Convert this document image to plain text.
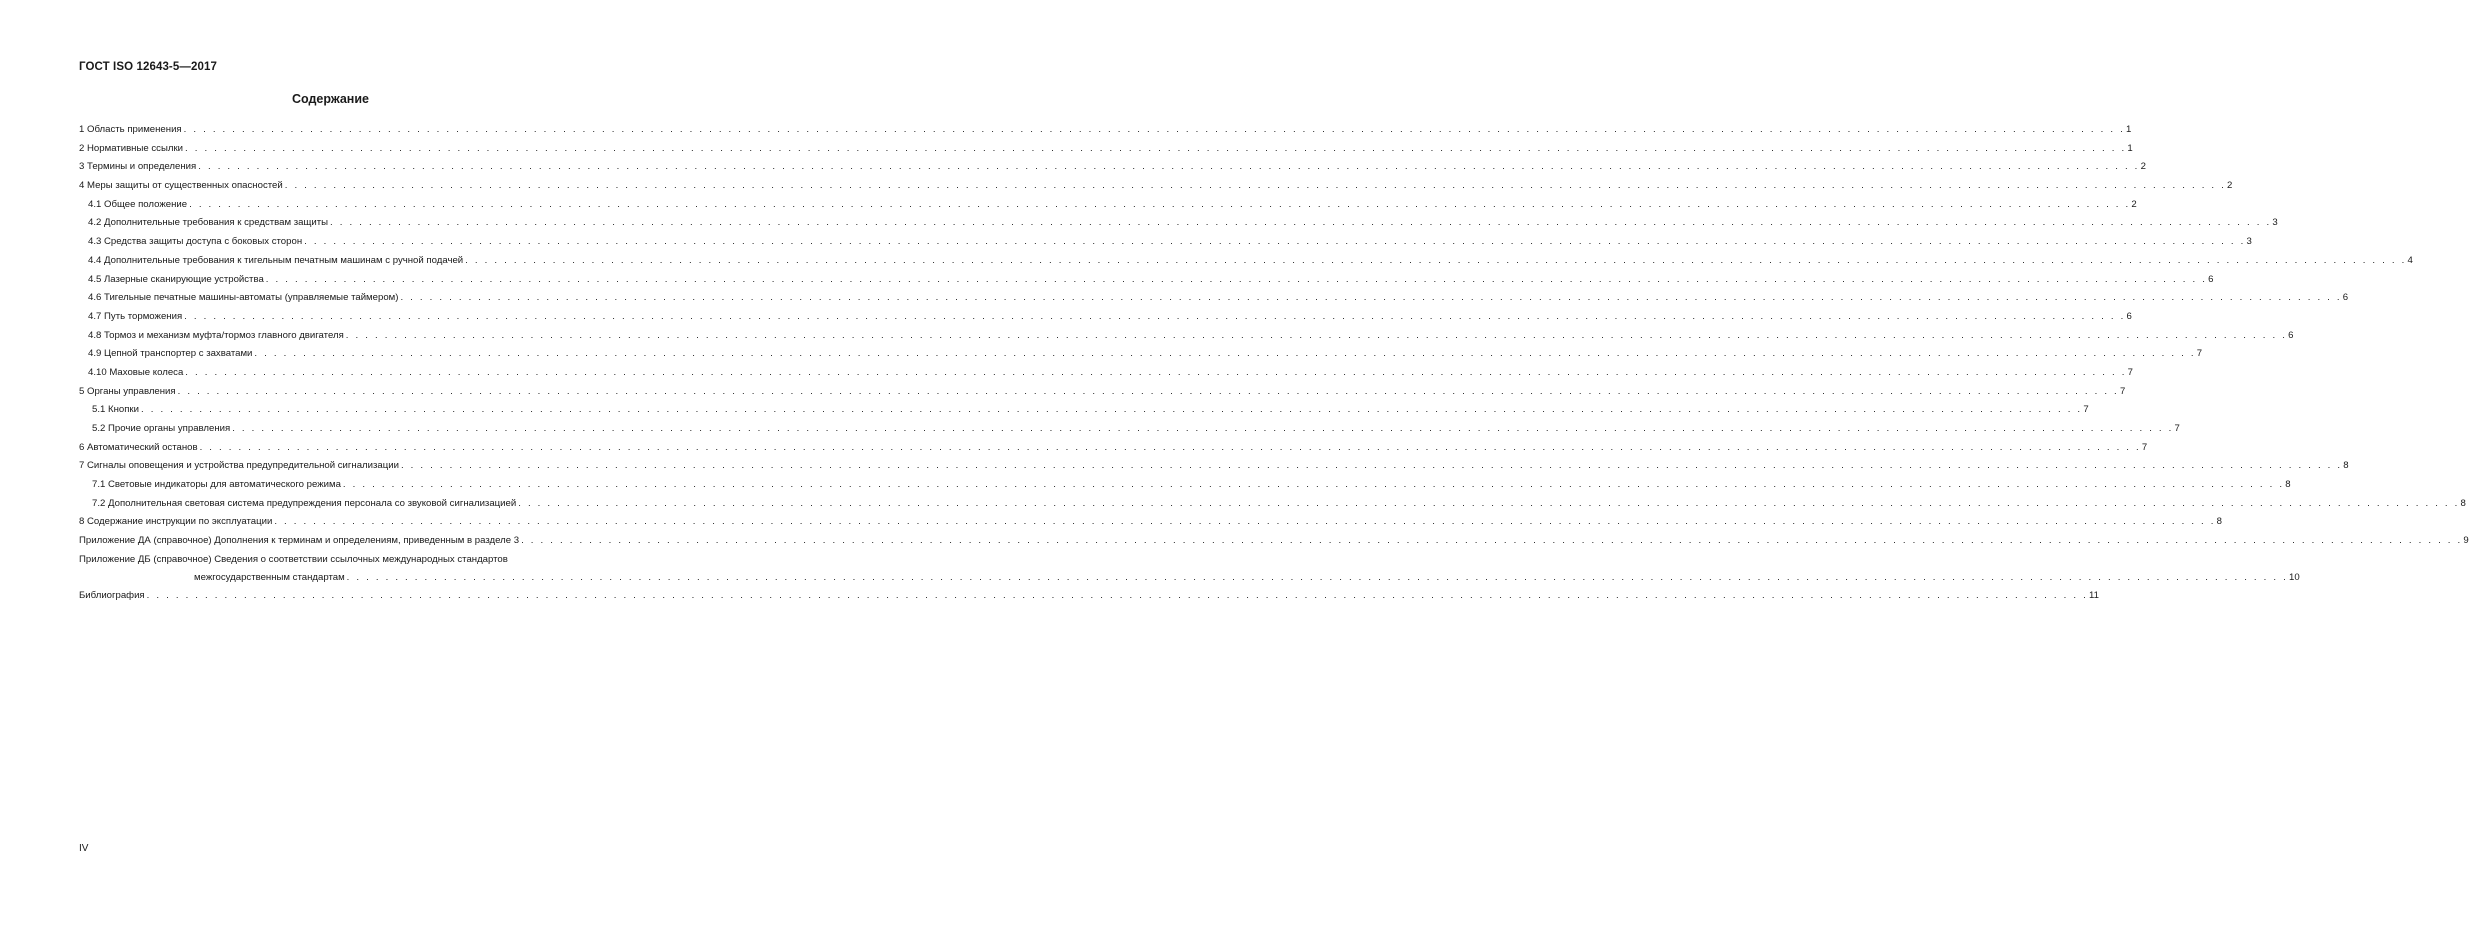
ГОСТ ISO 12643-5—2017
Содержание
1 Область применения . . . . . . . . . . . . . . . . . . . . . . . . . . . . . . . . . . . . . . . . . . . . . . . . . . . . . . . . . . . . . . . . . . . . . . . . . . . . . . . . . . . . . . . . . . . . . . . . . . . . . . . . . . . . . . . . . . . . . . . . . . . . . . . . . . . . . . . . . . . . . . . . . . . . . . . . . . . . . . . . . . . . . . . . . . . . . . . . . . . . . . . . . . . . . . . . . . . . . . . . 1
2 Нормативные ссылки . . . . . . . . . . . . . . . . . . . . . . . . . . . . . . . . . . . . . . . . . . . . . . . . . . . . . . . . . . . . . . . . . . . . . . . . . . . . . . . . . . . . . . . . . . . . . . . . . . . . . . . . . . . . . . . . . . . . . . . . . . . . . . . . . . . . . . . . . . . . . . . . . . . . . . . . . . . . . . . . . . . . . . . . . . . . . . . . . . . . . . . . . . . . . . . . . . . . . . . . 1
3 Термины и определения . . . . . . . . . . . . . . . . . . . . . . . . . . . . . . . . . . . . . . . . . . . . . . . . . . . . . . . . . . . . . . . . . . . . . . . . . . . . . . . . . . . . . . . . . . . . . . . . . . . . . . . . . . . . . . . . . . . . . . . . . . . . . . . . . . . . . . . . . . . . . . . . . . . . . . . . . . . . . . . . . . . . . . . . . . . . . . . . . . . . . . . . . . . . . . . . . . . . . . . . 2
4 Меры защиты от существенных опасностей . . . . . . . . . . . . . . . . . . . . . . . . . . . . . . . . . . . . . . . . . . . . . . . . . . . . . . . . . . . . . . . . . . . . . . . . . . . . . . . . . . . . . . . . . . . . . . . . . . . . . . . . . . . . . . . . . . . . . . . . . . . . . . . . . . . . . . . . . . . . . . . . . . . . . . . . . . . . . . . . . . . . . . . . . . . . . . . . . . . . . . . . . . . . . . . . . . . . . . . . 2
4.1 Общее положение . . . . . . . . . . . . . . . . . . . . . . . . . . . . . . . . . . . . . . . . . . . . . . . . . . . . . . . . . . . . . . . . . . . . . . . . . . . . . . . . . . . . . . . . . . . . . . . . . . . . . . . . . . . . . . . . . . . . . . . . . . . . . . . . . . . . . . . . . . . . . . . . . . . . . . . . . . . . . . . . . . . . . . . . . . . . . . . . . . . . . . . . . . . . . . . . . . . . . . . . 2
4.2 Дополнительные требования к средствам защиты . . . . . . . . . . . . . . . . . . . . . . . . . . . . . . . . . . . . . . . . . . . . . . . . . . . . . . . . . . . . . . . . . . . . . . . . . . . . . . . . . . . . . . . . . . . . . . . . . . . . . . . . . . . . . . . . . . . . . . . . . . . . . . . . . . . . . . . . . . . . . . . . . . . . . . . . . . . . . . . . . . . . . . . . . . . . . . . . . . . . . . . . . . . . . . . . . . . . . . . . 3
4.3 Средства защиты доступа с боковых сторон . . . . . . . . . . . . . . . . . . . . . . . . . . . . . . . . . . . . . . . . . . . . . . . . . . . . . . . . . . . . . . . . . . . . . . . . . . . . . . . . . . . . . . . . . . . . . . . . . . . . . . . . . . . . . . . . . . . . . . . . . . . . . . . . . . . . . . . . . . . . . . . . . . . . . . . . . . . . . . . . . . . . . . . . . . . . . . . . . . . . . . . . . . . . . . . . . . . . . . . . 3
4.4 Дополнительные требования к тигельным печатным машинам с ручной подачей . . . . . . . . . . . . . . . . . . . . . . . . . . . . . . . . . . . . . . . . . . . . . . . . . . . . . . . . . . . . . . . . . . . . . . . . . . . . . . . . . . . . . . . . . . . . . . . . . . . . . . . . . . . . . . . . . . . . . . . . . . . . . . . . . . . . . . . . . . . . . . . . . . . . . . . . . . . . . . . . . . . . . . . . . . . . . . . . . . . . . . . . . . . . . . . . . . . . . . . . 4
4.5 Лазерные сканирующие устройства . . . . . . . . . . . . . . . . . . . . . . . . . . . . . . . . . . . . . . . . . . . . . . . . . . . . . . . . . . . . . . . . . . . . . . . . . . . . . . . . . . . . . . . . . . . . . . . . . . . . . . . . . . . . . . . . . . . . . . . . . . . . . . . . . . . . . . . . . . . . . . . . . . . . . . . . . . . . . . . . . . . . . . . . . . . . . . . . . . . . . . . . . . . . . . . . . . . . . . . . 6
4.6 Тигельные печатные машины-автоматы (управляемые таймером) . . . . . . . . . . . . . . . . . . . . . . . . . . . . . . . . . . . . . . . . . . . . . . . . . . . . . . . . . . . . . . . . . . . . . . . . . . . . . . . . . . . . . . . . . . . . . . . . . . . . . . . . . . . . . . . . . . . . . . . . . . . . . . . . . . . . . . . . . . . . . . . . . . . . . . . . . . . . . . . . . . . . . . . . . . . . . . . . . . . . . . . . . . . . . . . . . . . . . . . . 6
4.7 Путь торможения . . . . . . . . . . . . . . . . . . . . . . . . . . . . . . . . . . . . . . . . . . . . . . . . . . . . . . . . . . . . . . . . . . . . . . . . . . . . . . . . . . . . . . . . . . . . . . . . . . . . . . . . . . . . . . . . . . . . . . . . . . . . . . . . . . . . . . . . . . . . . . . . . . . . . . . . . . . . . . . . . . . . . . . . . . . . . . . . . . . . . . . . . . . . . . . . . . . . . . . . 6
4.8 Тормоз и механизм муфта/тормоз главного двигателя . . . . . . . . . . . . . . . . . . . . . . . . . . . . . . . . . . . . . . . . . . . . . . . . . . . . . . . . . . . . . . . . . . . . . . . . . . . . . . . . . . . . . . . . . . . . . . . . . . . . . . . . . . . . . . . . . . . . . . . . . . . . . . . . . . . . . . . . . . . . . . . . . . . . . . . . . . . . . . . . . . . . . . . . . . . . . . . . . . . . . . . . . . . . . . . . . . . . . . . . 6
4.9 Цепной транспортер с захватами . . . . . . . . . . . . . . . . . . . . . . . . . . . . . . . . . . . . . . . . . . . . . . . . . . . . . . . . . . . . . . . . . . . . . . . . . . . . . . . . . . . . . . . . . . . . . . . . . . . . . . . . . . . . . . . . . . . . . . . . . . . . . . . . . . . . . . . . . . . . . . . . . . . . . . . . . . . . . . . . . . . . . . . . . . . . . . . . . . . . . . . . . . . . . . . . . . . . . . . . 7
4.10 Маховые колеса . . . . . . . . . . . . . . . . . . . . . . . . . . . . . . . . . . . . . . . . . . . . . . . . . . . . . . . . . . . . . . . . . . . . . . . . . . . . . . . . . . . . . . . . . . . . . . . . . . . . . . . . . . . . . . . . . . . . . . . . . . . . . . . . . . . . . . . . . . . . . . . . . . . . . . . . . . . . . . . . . . . . . . . . . . . . . . . . . . . . . . . . . . . . . . . . . . . . . . . . 7
5 Органы управления . . . . . . . . . . . . . . . . . . . . . . . . . . . . . . . . . . . . . . . . . . . . . . . . . . . . . . . . . . . . . . . . . . . . . . . . . . . . . . . . . . . . . . . . . . . . . . . . . . . . . . . . . . . . . . . . . . . . . . . . . . . . . . . . . . . . . . . . . . . . . . . . . . . . . . . . . . . . . . . . . . . . . . . . . . . . . . . . . . . . . . . . . . . . . . . . . . . . . . . . 7
5.1 Кнопки . . . . . . . . . . . . . . . . . . . . . . . . . . . . . . . . . . . . . . . . . . . . . . . . . . . . . . . . . . . . . . . . . . . . . . . . . . . . . . . . . . . . . . . . . . . . . . . . . . . . . . . . . . . . . . . . . . . . . . . . . . . . . . . . . . . . . . . . . . . . . . . . . . . . . . . . . . . . . . . . . . . . . . . . . . . . . . . . . . . . . . . . . . . . . . . . . . . . . . . . 7
5.2 Прочие органы управления . . . . . . . . . . . . . . . . . . . . . . . . . . . . . . . . . . . . . . . . . . . . . . . . . . . . . . . . . . . . . . . . . . . . . . . . . . . . . . . . . . . . . . . . . . . . . . . . . . . . . . . . . . . . . . . . . . . . . . . . . . . . . . . . . . . . . . . . . . . . . . . . . . . . . . . . . . . . . . . . . . . . . . . . . . . . . . . . . . . . . . . . . . . . . . . . . . . . . . . . 7
6 Автоматический останов . . . . . . . . . . . . . . . . . . . . . . . . . . . . . . . . . . . . . . . . . . . . . . . . . . . . . . . . . . . . . . . . . . . . . . . . . . . . . . . . . . . . . . . . . . . . . . . . . . . . . . . . . . . . . . . . . . . . . . . . . . . . . . . . . . . . . . . . . . . . . . . . . . . . . . . . . . . . . . . . . . . . . . . . . . . . . . . . . . . . . . . . . . . . . . . . . . . . . . . . 7
7 Сигналы оповещения и устройства предупредительной сигнализации . . . . . . . . . . . . . . . . . . . . . . . . . . . . . . . . . . . . . . . . . . . . . . . . . . . . . . . . . . . . . . . . . . . . . . . . . . . . . . . . . . . . . . . . . . . . . . . . . . . . . . . . . . . . . . . . . . . . . . . . . . . . . . . . . . . . . . . . . . . . . . . . . . . . . . . . . . . . . . . . . . . . . . . . . . . . . . . . . . . . . . . . . . . . . . . . . . . . . . . . 8
7.1 Световые индикаторы для автоматического режима . . . . . . . . . . . . . . . . . . . . . . . . . . . . . . . . . . . . . . . . . . . . . . . . . . . . . . . . . . . . . . . . . . . . . . . . . . . . . . . . . . . . . . . . . . . . . . . . . . . . . . . . . . . . . . . . . . . . . . . . . . . . . . . . . . . . . . . . . . . . . . . . . . . . . . . . . . . . . . . . . . . . . . . . . . . . . . . . . . . . . . . . . . . . . . . . . . . . . . . . 8
7.2 Дополнительная световая система предупреждения персонала со звуковой сигнализацией . . . . . . . . . . . . . . . . . . . . . . . . . . . . . . . . . . . . . . . . . . . . . . . . . . . . . . . . . . . . . . . . . . . . . . . . . . . . . . . . . . . . . . . . . . . . . . . . . . . . . . . . . . . . . . . . . . . . . . . . . . . . . . . . . . . . . . . . . . . . . . . . . . . . . . . . . . . . . . . . . . . . . . . . . . . . . . . . . . . . . . . . . . . . . . . . . . . . . . . . 8
8 Содержание инструкции по эксплуатации . . . . . . . . . . . . . . . . . . . . . . . . . . . . . . . . . . . . . . . . . . . . . . . . . . . . . . . . . . . . . . . . . . . . . . . . . . . . . . . . . . . . . . . . . . . . . . . . . . . . . . . . . . . . . . . . . . . . . . . . . . . . . . . . . . . . . . . . . . . . . . . . . . . . . . . . . . . . . . . . . . . . . . . . . . . . . . . . . . . . . . . . . . . . . . . . . . . . . . . . 8
Приложение ДА (справочное) Дополнения к терминам и определениям, приведенным в разделе 3 . . . . . . . . . . . . . . . . . . . . . . . . . . . . . . . . . . . . . . . . . . . . . . . . . . . . . . . . . . . . . . . . . . . . . . . . . . . . . . . . . . . . . . . . . . . . . . . . . . . . . . . . . . . . . . . . . . . . . . . . . . . . . . . . . . . . . . . . . . . . . . . . . . . . . . . . . . . . . . . . . . . . . . . . . . . . . . . . . . . . . . . . . . . . . . . . . . . . . . . . 9
Приложение ДБ (справочное) Сведения о соответствии ссылочных международных стандартов
межгосударственным стандартам . . . . . . . . . . . . . . . . . . . . . . . . . . . . . . . . . . . . . . . . . . . . . . . . . . . . . . . . . . . . . . . . . . . . . . . . . . . . . . . . . . . . . . . . . . . . . . . . . . . . . . . . . . . . . . . . . . . . . . . . . . . . . . . . . . . . . . . . . . . . . . . . . . . . . . . . . . . . . . . . . . . . . . . . . . . . . . . . . . . . . . . . . . . . . . . . . . . . . . . . 10
Библиография . . . . . . . . . . . . . . . . . . . . . . . . . . . . . . . . . . . . . . . . . . . . . . . . . . . . . . . . . . . . . . . . . . . . . . . . . . . . . . . . . . . . . . . . . . . . . . . . . . . . . . . . . . . . . . . . . . . . . . . . . . . . . . . . . . . . . . . . . . . . . . . . . . . . . . . . . . . . . . . . . . . . . . . . . . . . . . . . . . . . . . . . . . . . . . . . . . . . . . . . 11
IV
